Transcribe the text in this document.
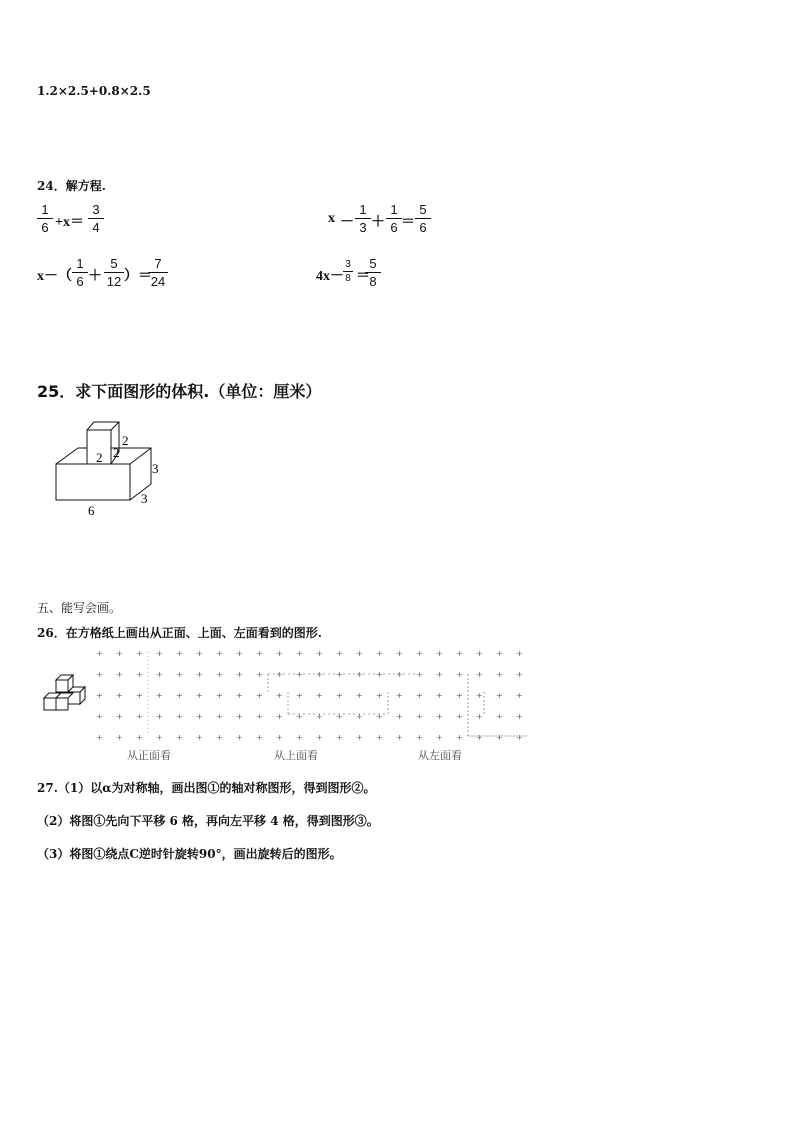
1.2×2.5+0.8×2.5
24．解方程.
1
6 +x＝
3
4
x －
1
3 ＋
1
6 ＝
5
6
x－（
1
6 ＋
5
12 ）＝
7
24	4x－
3
8 ＝
5
8
25．求下面图形的体积.（单位：厘米）
2 2
2
3
3
6
五、能写会画。
26．在方格纸上画出从正面、上面、左面看到的图形.
+ + + + + + + + + + + + + + + + + + + + + +
+ + + + + + + + + + + + + + + + + + + + + +
+ + + + + + + + + + + + + + + + + + + + + +
+ + + + + + + + + + + + + + + + + + + + + +
+ + + + + + + + + + + + + + + + + + + + + +
从正面看	从上面看	从左面看
27.（1）以α为对称轴，画出图①的轴对称图形，得到图形②。
（2）将图①先向下平移 6 格，再向左平移 4 格，得到图形③。
（3）将图①绕点C逆时针旋转90°，画出旋转后的图形。
